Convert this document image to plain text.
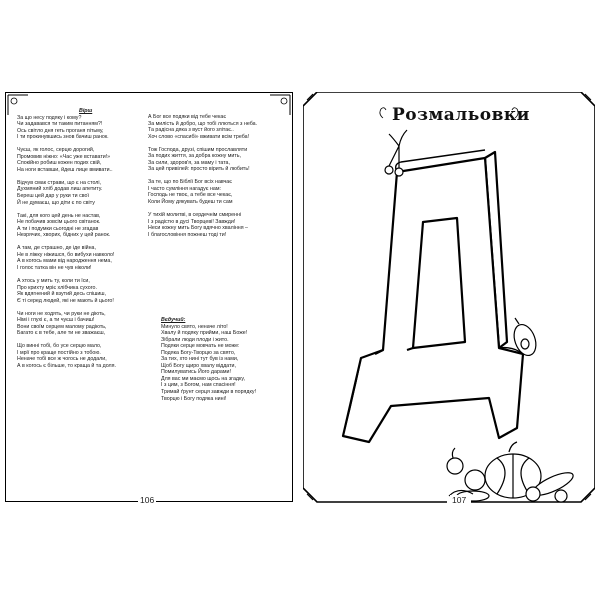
Вірш

За що несу подяку і кому?

Чи задавався ти таким питанням?!

Ось світло дня геть проганя пітьму,

І ти прокинувшись знов бачиш ранок.

Чуєш, як голос, серцю дорогий,

Промовив ніжно: «Час уже вставати!»

Спокійно робиш кожен подих свій,

На ноги вставши, йдеш лице вмивати..

Відчув смак страви, що є на столі,

Духмяний хліб додав лиш апетиту.

Береш цей дар у руки ти свої

Й не думаєш, що діти є по світу

Такі, для кого цей день не настав,

Не побачив зовсім цього світанок.

А ти і подумки сьогодні не згадав

Незрячих, хворих, бідних у цей ранок.

А там, де страшно, де іде війна,

Не в ліжку ніжишся, бо вибухи навколо!

А в когось мами від народження нема,

І голос татка він не чув ніколи!

А хтось у мить ту, коли ти їси,

Про крихту мріє хлібчика сухого.

Як вдягнений й взутий десь спішиш,

Є ті серед людей, які не мають й цього!

Чи ноги не ходять, чи руки не діють,

Німі і глухі є, а ти чуєш і бачиш!

Вони своїм серцем малому радіють,

Багато є в тебе, але ти не зважаєш,

Що винні тобі, бо усе серцю мало,

І мрії про краще постійно з тобою.

Неначе тобі все ж чогось не додали,

А в когось є більше, то краща й та доля.

А Бог все подяки від тебе чекає

За милість й добро, що тобі ллються з неба.

Та радісна дяка з вуст його злітає..

Хоч слово «спасибі» вживати всім треба!

Тож Господа, друзі, спішим прославляти

За подих життя, за добра кожну мить,

За сили, здоров'я, за маму і тата,

За цей привілей: просто вірить й любить!

За те, що по Біблії Бог всіх навчає

І часто сумління нагадує нам:

Господь не твоє, а тебе все чекає,

Коли Йому дякувать будеш ти сам

У тихій молитві, в сердечнім смиренні

І з радістю в дусі Творцеві! Завжди!

Неси кожну мить Богу вдячно хваління –

І благословіння пожнеш тоді ти!

Вєдучий:

Минуло свято, неначе літо!

Хвалу й подяку прийми, наш Боже!

Зібрали люди плоди і жито.

Подяки серце мовчать не може:

Подяка Богу-Творцю за свято,

За тих, хто нині тут був із нами,

Щоб Богу щиро хвалу віддати,

Помилуватись Його дарами!

Для вас ми маємо щось на згадку,

І з цим, з Богом, нам спасіння!

Тримай ґрунт серця завжди в порядку!

Творцю і Богу подяка нині!

106
Розмальовки
107
